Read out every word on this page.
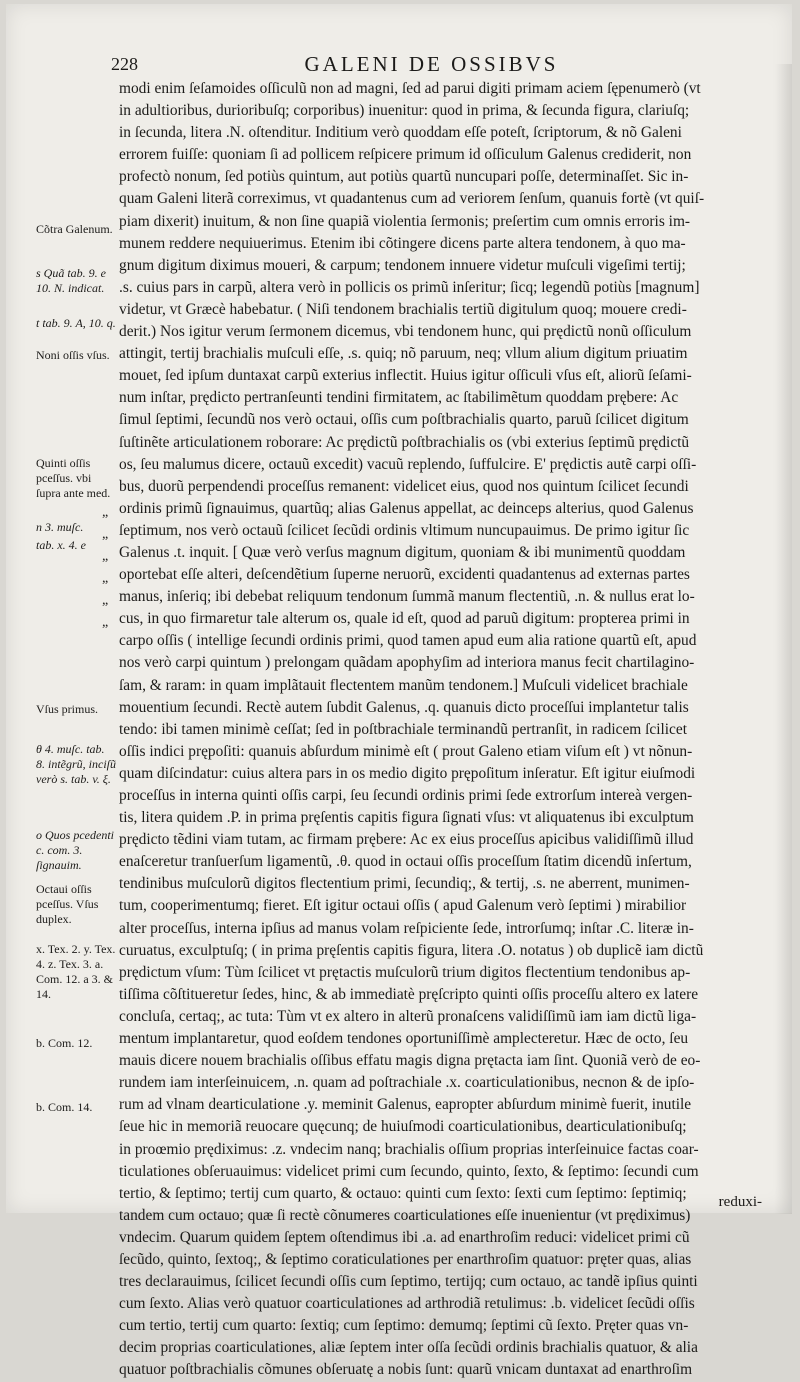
228	GALENI DE OSSIBVS
Cõtra Galenum.
s Quã tab. 9. e 10. N. indicat.
t tab. 9. A, 10. q.
Noni oſſis vſus.
Quinti oſſis pceſſus. vbi ſupra ante med.
n 3. muſc.
tab. x. 4. e
Vſus primus.
θ 4. muſc. tab. 8. intẽgrũ, inciſũ verò s. tab. v. ξ.
o Quos pcedenti c. com. 3. ſignauim.
Octaui oſſis pceſſus. Vſus duplex.
x. Tex. 2. y. Tex. 4. z. Tex. 3. a. Com. 12. a 3. & 14.
b. Com. 12.
b. Com. 14.
„
„
„
„
„
„
modi enim ſeſamoides oſſiculũ non ad magni, ſed ad parui digiti primam aciem ſępenumerò (vt
in adultioribus, durioribuſq; corporibus) inuenitur: quod in prima, & ſecunda figura, clariuſq;
in ſecunda, litera .N. oſtenditur. Inditium verò quoddam eſſe poteſt, ſcriptorum, & nõ Galeni
errorem fuiſſe: quoniam ſi ad pollicem reſpicere primum id oſſiculum Galenus crediderit, non
profectò nonum, ſed potiùs quintum, aut potiùs quartũ nuncupari poſſe, determinaſſet. Sic in-
quam Galeni literã correximus, vt quadantenus cum ad veriorem ſenſum, quanuis fortè (vt quiſ-
piam dixerit) inuitum, & non ſine quapiã violentia ſermonis; preſertim cum omnis erroris im-
munem reddere nequiuerimus. Etenim ibi cõtingere dicens parte altera tendonem, à quo ma-
gnum digitum diximus moueri, & carpum; tendonem innuere videtur muſculi vigeſimi tertij;
.s. cuius pars in carpũ, altera verò in pollicis os primũ inſeritur; ſicq; legendũ potiùs [magnum]
videtur, vt Græcè habebatur. ( Niſi tendonem brachialis tertiũ digitulum quoq; mouere credi-
derit.) Nos igitur verum ſermonem dicemus, vbi tendonem hunc, qui prędictũ nonũ oſſiculum
attingit, tertij brachialis muſculi eſſe, .s. quiq; nõ paruum, neq; vllum alium digitum priuatim
mouet, ſed ipſum duntaxat carpũ exterius inflectit. Huius igitur oſſiculi vſus eſt, aliorũ ſeſami-
num inſtar, prędicto pertranſeunti tendini firmitatem, ac ſtabilimẽtum quoddam prębere: Ac
ſimul ſeptimi, ſecundũ nos verò octaui, oſſis cum poſtbrachialis quarto, paruũ ſcilicet digitum
ſuſtinẽte articulationem roborare: Ac prędictũ poſtbrachialis os (vbi exterius ſeptimũ prędictũ
os, ſeu malumus dicere, octauũ excedit) vacuũ replendo, ſuffulcire. E' prędictis autẽ carpi oſſi-
bus, duorũ perpendendi proceſſus remanent: videlicet eius, quod nos quintum ſcilicet ſecundi
ordinis primũ ſignauimus, quartũq; alias Galenus appellat, ac deinceps alterius, quod Galenus
ſeptimum, nos verò octauũ ſcilicet ſecũdi ordinis vltimum nuncupauimus. De primo igitur ſic
Galenus .t. inquit. [ Quæ verò verſus magnum digitum, quoniam & ibi munimentũ quoddam
oportebat eſſe alteri, deſcendẽtium ſuperne neruorũ, excidenti quadantenus ad externas partes
manus, inſeriq; ibi debebat reliquum tendonum ſummã manum flectentiũ, .n. & nullus erat lo-
cus, in quo firmaretur tale alterum os, quale id eſt, quod ad paruũ digitum: propterea primi in
carpo oſſis ( intellige ſecundi ordinis primi, quod tamen apud eum alia ratione quartũ eſt, apud
nos verò carpi quintum ) prelongam quãdam apophyſim ad interiora manus fecit chartilagino-
ſam, & raram: in quam implãtauit flectentem manũm tendonem.] Muſculi videlicet brachiale
mouentium ſecundi. Rectè autem ſubdit Galenus, .q. quanuis dicto proceſſui implantetur talis
tendo: ibi tamen minimè ceſſat; ſed in poſtbrachiale terminandũ pertranſit, in radicem ſcilicet
oſſis indici prępoſiti: quanuis abſurdum minimè eſt ( prout Galeno etiam viſum eſt ) vt nõnun-
quam diſcindatur: cuius altera pars in os medio digito prępoſitum inſeratur. Eſt igitur eiuſmodi
proceſſus in interna quinti oſſis carpi, ſeu ſecundi ordinis primi ſede extrorſum intereà vergen-
tis, litera quidem .P. in prima pręſentis capitis figura ſignati vſus: vt aliquatenus ibi exculptum
prędicto tẽdini viam tutam, ac firmam prębere: Ac ex eius proceſſus apicibus validiſſimũ illud
enaſceretur tranſuerſum ligamentũ, .θ. quod in octaui oſſis proceſſum ſtatim dicendũ inſertum,
tendinibus muſculorũ digitos flectentium primi, ſecundiq;, & tertij, .s. ne aberrent, munimen-
tum, cooperimentumq; fieret. Eſt igitur octaui oſſis ( apud Galenum verò ſeptimi ) mirabilior
alter proceſſus, interna ipſius ad manus volam reſpiciente ſede, introrſumq; inſtar .C. literæ in-
curuatus, exculptuſq; ( in prima pręſentis capitis figura, litera .O. notatus ) ob duplicẽ iam dictũ
prędictum vſum: Tùm ſcilicet vt prętactis muſculorũ trium digitos flectentium tendonibus ap-
tiſſima cõſtitueretur ſedes, hinc, & ab immediatè pręſcripto quinti oſſis proceſſu altero ex latere
concluſa, certaq;, ac tuta: Tùm vt ex altero in alterũ pronaſcens validiſſimũ iam iam dictũ liga-
mentum implantaretur, quod eoſdem tendones oportuniſſimè amplecteretur. Hæc de octo, ſeu
mauis dicere nouem brachialis oſſibus effatu magis digna prętacta iam ſint. Quoniã verò de eo-
rundem iam interſeinuicem, .n. quam ad poſtrachiale .x. coarticulationibus, necnon & de ipſo-
rum ad vlnam dearticulatione .y. meminit Galenus, eapropter abſurdum minimè fuerit, inutile
ſeue hic in memoriã reuocare quęcunq; de huiuſmodi coarticulationibus, dearticulationibuſq;
in proœmio prędiximus: .z. vndecim nanq; brachialis oſſium proprias interſeinuice factas coar-
ticulationes obſeruauimus: videlicet primi cum ſecundo, quinto, ſexto, & ſeptimo: ſecundi cum
tertio, & ſeptimo; tertij cum quarto, & octauo: quinti cum ſexto: ſexti cum ſeptimo: ſeptimiq;
tandem cum octauo; quæ ſi rectè cõnumeres coarticulationes eſſe inuenientur (vt prędiximus)
vndecim. Quarum quidem ſeptem oſtendimus ibi .a. ad enarthroſim reduci: videlicet primi cũ
ſecũdo, quinto, ſextoq;, & ſeptimo coraticulationes per enarthroſim quatuor: pręter quas, alias
tres declarauimus, ſcilicet ſecundi oſſis cum ſeptimo, tertijq; cum octauo, ac tandẽ ipſius quinti
cum ſexto. Alias verò quatuor coarticulationes ad arthrodiã retulimus: .b. videlicet ſecũdi oſſis
cum tertio, tertij cum quarto: ſextiq; cum ſeptimo: demumq; ſeptimi cũ ſexto. Pręter quas vn-
decim proprias coarticulationes, aliæ ſeptem inter oſſa ſecũdi ordinis brachialis quatuor, & alia
quatuor poſtbrachialis cõmunes obſeruatę a nobis ſunt: quarũ vnicam duntaxat ad enarthroſim
reduxi-
